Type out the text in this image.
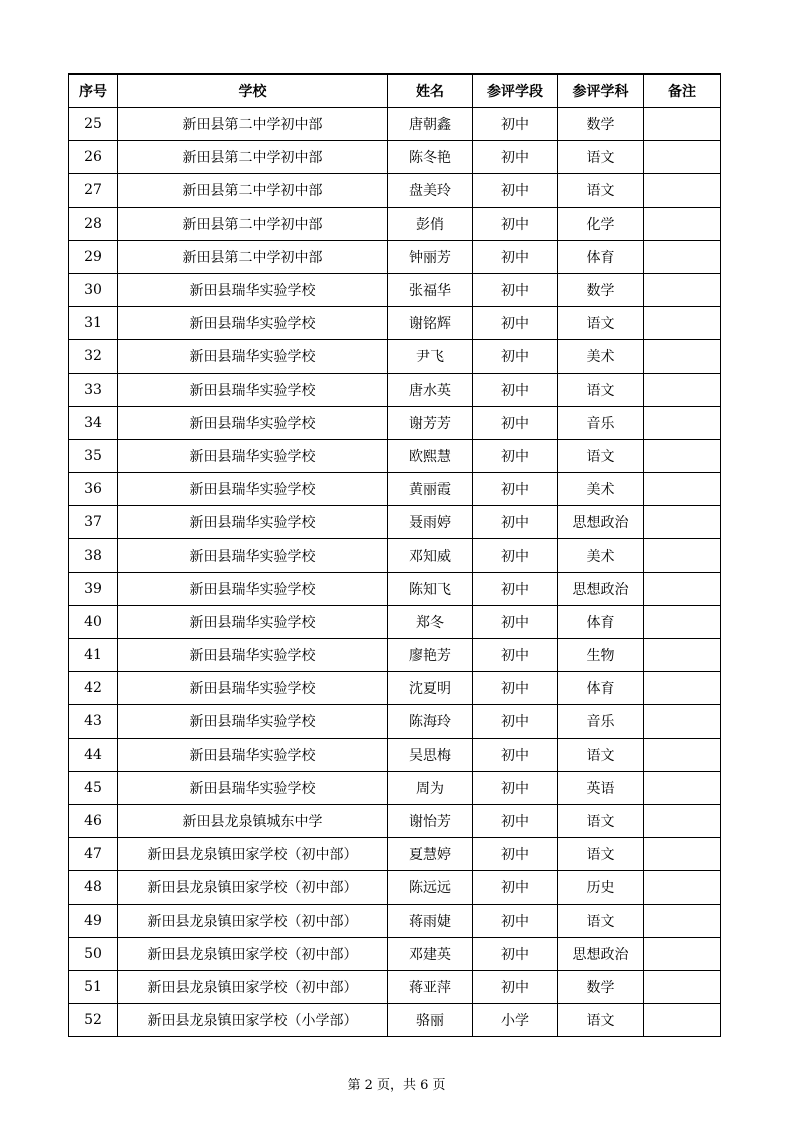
序号	学校	姓名	参评学段	参评学科	备注
25	新田县第二中学初中部	唐朝鑫	初中	数学	
26	新田县第二中学初中部	陈冬艳	初中	语文	
27	新田县第二中学初中部	盘美玲	初中	语文	
28	新田县第二中学初中部	彭俏	初中	化学	
29	新田县第二中学初中部	钟丽芳	初中	体育	
30	新田县瑞华实验学校	张福华	初中	数学	
31	新田县瑞华实验学校	谢铭辉	初中	语文	
32	新田县瑞华实验学校	尹飞	初中	美术	
33	新田县瑞华实验学校	唐水英	初中	语文	
34	新田县瑞华实验学校	谢芳芳	初中	音乐	
35	新田县瑞华实验学校	欧熙慧	初中	语文	
36	新田县瑞华实验学校	黄丽霞	初中	美术	
37	新田县瑞华实验学校	聂雨婷	初中	思想政治	
38	新田县瑞华实验学校	邓知威	初中	美术	
39	新田县瑞华实验学校	陈知飞	初中	思想政治	
40	新田县瑞华实验学校	郑冬	初中	体育	
41	新田县瑞华实验学校	廖艳芳	初中	生物	
42	新田县瑞华实验学校	沈夏明	初中	体育	
43	新田县瑞华实验学校	陈海玲	初中	音乐	
44	新田县瑞华实验学校	吴思梅	初中	语文	
45	新田县瑞华实验学校	周为	初中	英语	
46	新田县龙泉镇城东中学	谢怡芳	初中	语文	
47	新田县龙泉镇田家学校（初中部）	夏慧婷	初中	语文	
48	新田县龙泉镇田家学校（初中部）	陈远远	初中	历史	
49	新田县龙泉镇田家学校（初中部）	蒋雨婕	初中	语文	
50	新田县龙泉镇田家学校（初中部）	邓建英	初中	思想政治	
51	新田县龙泉镇田家学校（初中部）	蒋亚萍	初中	数学	
52	新田县龙泉镇田家学校（小学部）	骆丽	小学	语文	
第 2 页，共 6 页
